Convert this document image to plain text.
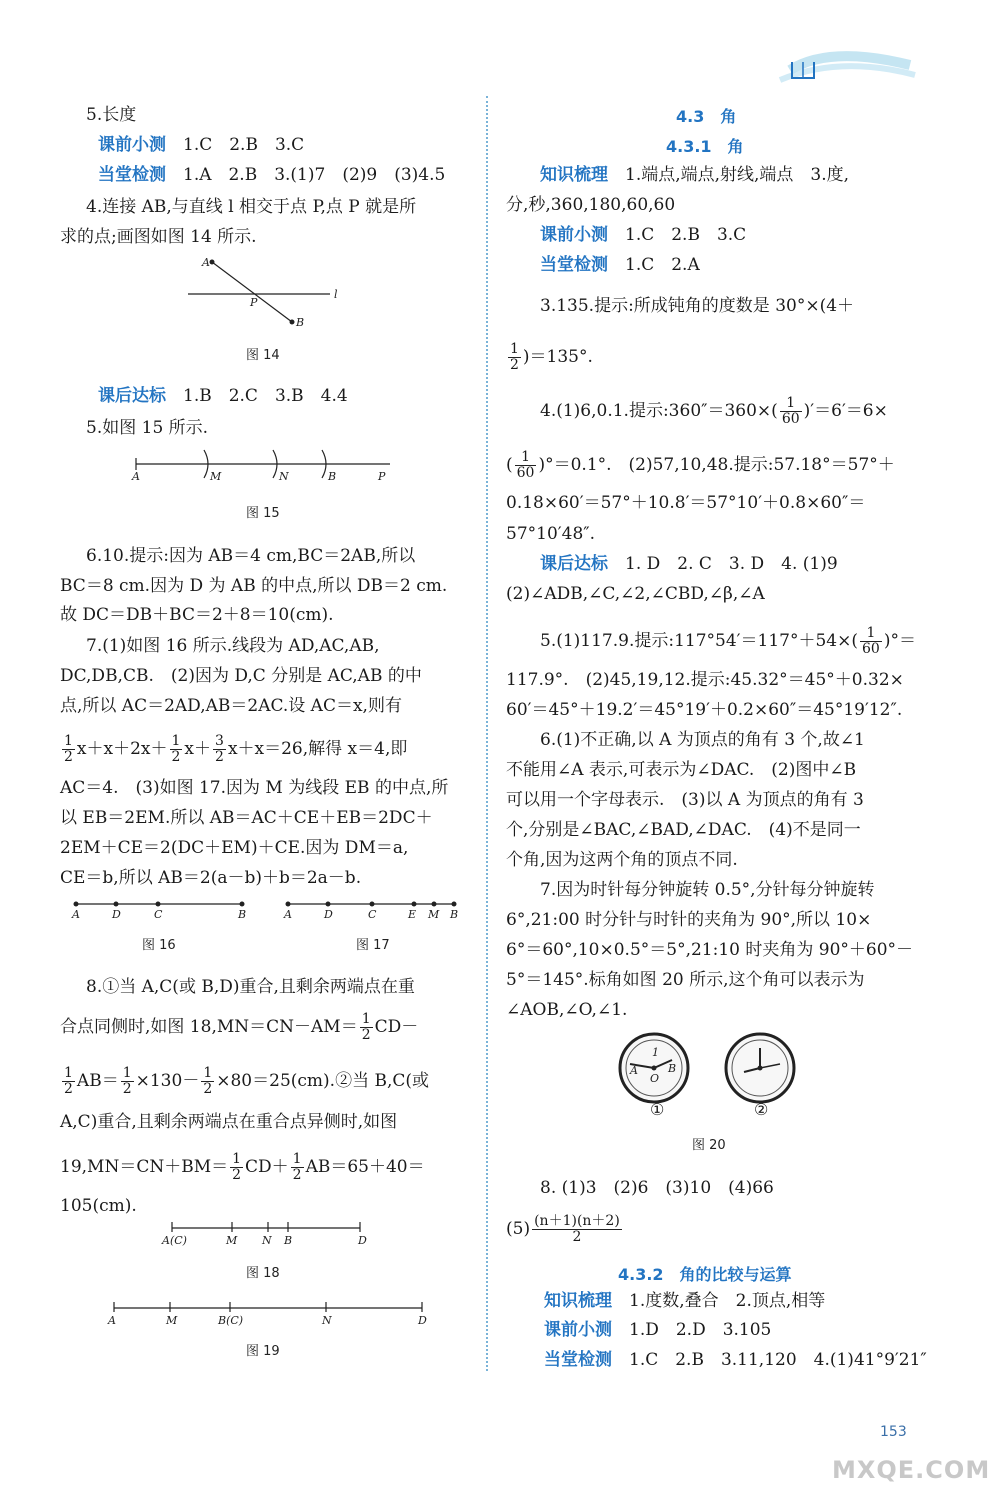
5.长度
课前小测　 1.C　2.B　3.C
当堂检测　 1.A　2.B　3.(1)7　(2)9　(3)4.5
4.连接 AB,与直线 l 相交于点 P,点 P 就是所
求的点;画图如图 14 所示.
A
P
B
l
图 14
课后达标　 1.B　2.C　3.B　4.4
5.如图 15 所示.
A	M	N	B	P
图 15
6.10.提示:因为 AB＝4 cm,BC＝2AB,所以
BC＝8 cm.因为 D 为 AB 的中点,所以 DB＝2 cm.
故 DC＝DB＋BC＝2＋8＝10(cm).
7.(1)如图 16 所示.线段为 AD,AC,AB,
DC,DB,CB.　(2)因为 D,C 分别是 AC,AB 的中
点,所以 AC＝2AD,AB＝2AC.设 AC＝x,则有
$\frac{1}{2} x+x+2x+ \frac{1}{2} x+ \frac{3}{2} x+x=26$,解得 x＝4,即
AC＝4.　(3)如图 17.因为 M 为线段 EB 的中点,所
以 EB＝2EM.所以 AB＝AC＋CE＋EB＝2DC＋
2EM＋CE＝2(DC＋EM)＋CE.因为 DM＝a,
CE＝b,所以 AB＝2(a－b)＋b＝2a－b.
A	D	C	B	A	D	C	E M B
图 16	图 17
8.①当 A,C(或 B,D)重合,且剩余两端点在重
合点同侧时,如图 $18,MN=CN-AM= \frac{1}{2} CD-$
$\frac{1}{2} AB= \frac{1}{2} \times 130- \frac{1}{2}$ ×80＝25(cm).②当 B,C(或
A,C)重合,且剩余两端点在重合点异侧时,如图
$19,MN=CN+BM= \frac{1}{2} CD+ \frac{1}{2} AB=65+40=$
105(cm).
A(C)	M N B	D
图 18
A	M	B(C)	N	D
图 19
4.3　角
4.3.1　角
知识梳理　 1.端点,端点,射线,端点　3.度,
分,秒,360,180,60,60
课前小测　 1.C　2.B　3.C
当堂检测　 1.C　2.A
3.135.提示:所成钝角的度数是 30°×(4＋
$\frac{1}{2} )=135^\circ$.
4.(1)6,0.1.提示:360″＝360×( $\frac{1}{60} )'=6'=6\times$
( $\frac{1}{60} )^\circ=0.1^\circ$.　(2)57,10,48.提示:57.18°＝57°＋
0.18×60′＝57°＋10.8′＝57°10′＋0.8×60″＝
57°10′48″.
课后达标　 1. D　2. C　3. D　4. (1)9
(2)∠ADB,∠C,∠2,∠CBD,∠β,∠A
5.(1)117.9.提示:117°54′＝117°＋54×( $\frac{1}{60}$ )°＝
117.9°.　(2)45,19,12.提示:45.32°＝45°＋0.32×
60′＝45°＋19.2′＝45°19′＋0.2×60″＝45°19′12″.
6.(1)不正确,以 A 为顶点的角有 3 个,故∠1
不能用∠A 表示,可表示为∠DAC.　(2)图中∠B
可以用一个字母表示.　(3)以 A 为顶点的角有 3
个,分别是∠BAC,∠BAD,∠DAC.　(4)不是同一
个角,因为这两个角的顶点不同.
7.因为时针每分钟旋转 0.5°,分针每分钟旋转
6°,21:00 时分针与时针的夹角为 90°,所以 10×
6°＝60°,10×0.5°＝5°,21:10 时夹角为 90°＋60°－
5°＝145°.标角如图 20 所示,这个角可以表示为
∠AOB,∠O,∠1.
A
O
B
1
①	②
图 20
8. (1)3　(2)6　(3)10　(4)66
$(5) \frac{(n+1)(n+2)}{2}$
4.3.2　角的比较与运算
知识梳理　 1.度数,叠合　2.顶点,相等
课前小测　 1.D　2.D　3.105
当堂检测　 1.C　2.B　3.11,120　4.(1)41°9′21″
153
MXQE.COM
